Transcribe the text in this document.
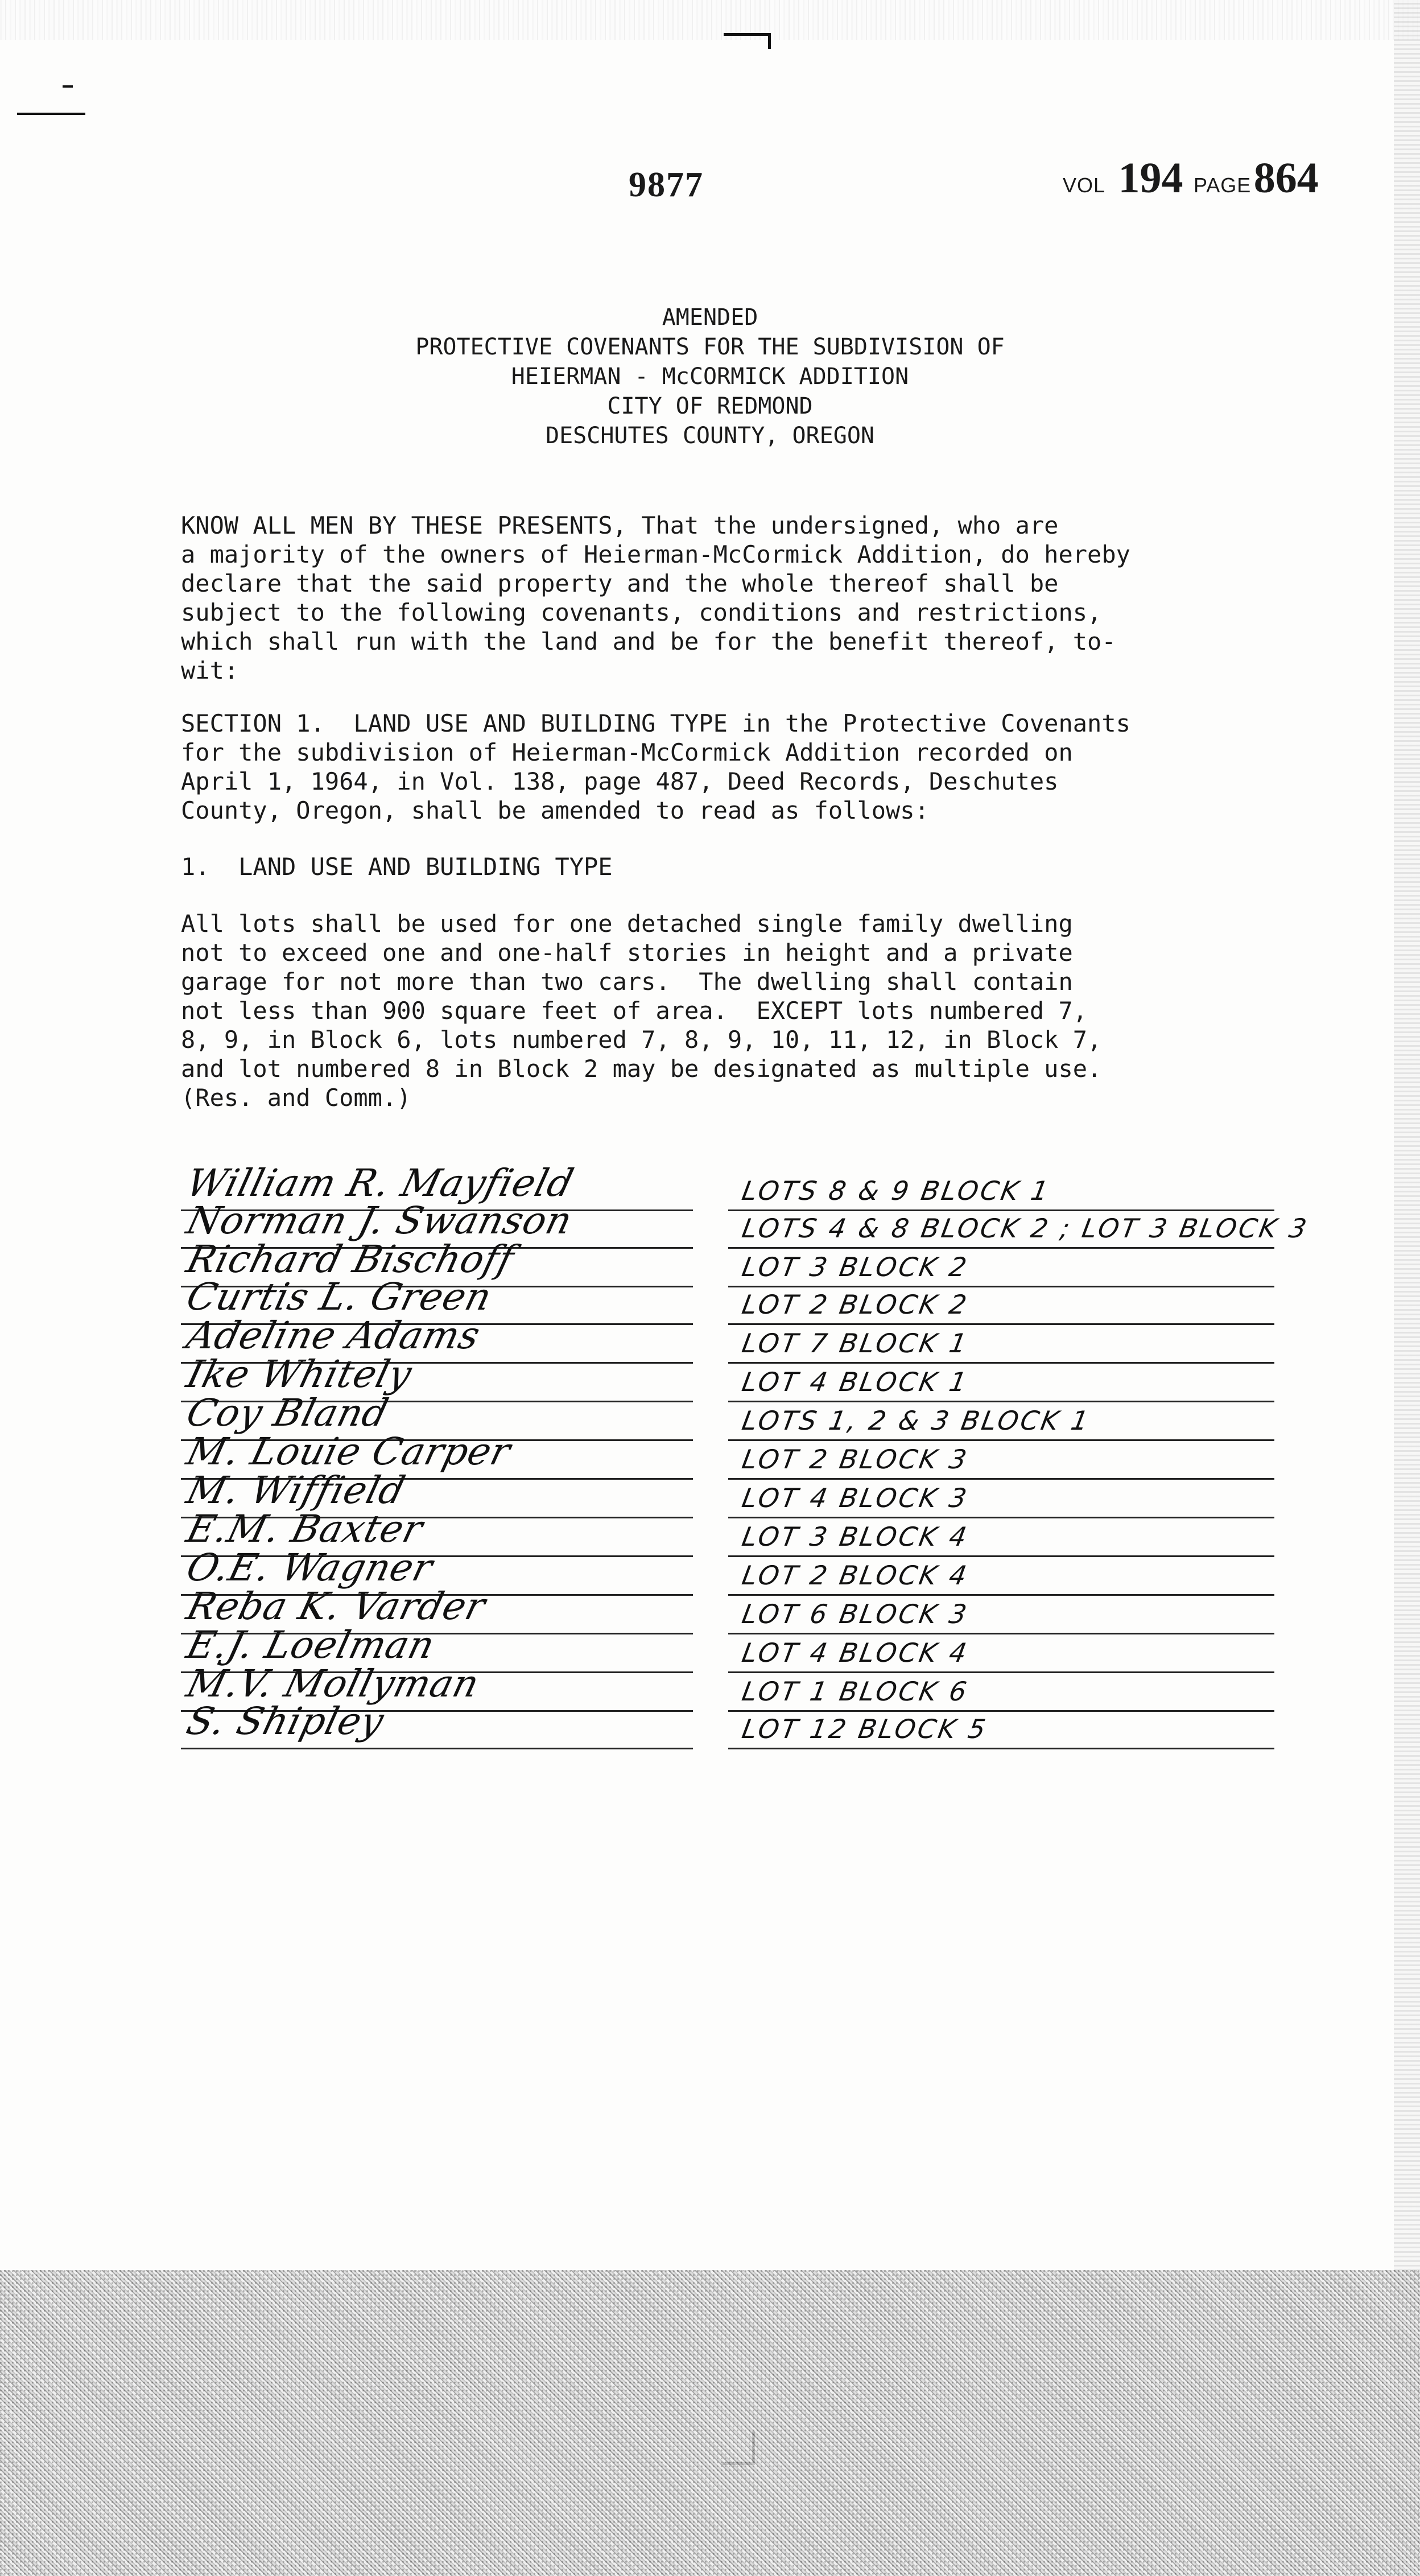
9877	VOL 194 PAGE 864
AMENDED
PROTECTIVE COVENANTS FOR THE SUBDIVISION OF
HEIERMAN - McCORMICK ADDITION
CITY OF REDMOND
DESCHUTES COUNTY, OREGON
KNOW ALL MEN BY THESE PRESENTS, That the undersigned, who are
a majority of the owners of Heierman-McCormick Addition, do hereby
declare that the said property and the whole thereof shall be
subject to the following covenants, conditions and restrictions,
which shall run with the land and be for the benefit thereof, to-
wit:
SECTION 1.  LAND USE AND BUILDING TYPE in the Protective Covenants
for the subdivision of Heierman-McCormick Addition recorded on
April 1, 1964, in Vol. 138, page 487, Deed Records, Deschutes
County, Oregon, shall be amended to read as follows:
1.  LAND USE AND BUILDING TYPE
All lots shall be used for one detached single family dwelling
not to exceed one and one-half stories in height and a private
garage for not more than two cars.  The dwelling shall contain
not less than 900 square feet of area.  EXCEPT lots numbered 7,
8, 9, in Block 6, lots numbered 7, 8, 9, 10, 11, 12, in Block 7,
and lot numbered 8 in Block 2 may be designated as multiple use.
(Res. and Comm.)
William R. Mayfield	LOTS 8 & 9 BLOCK 1
Norman J. Swanson	LOTS 4 & 8 BLOCK 2 ; LOT 3 BLOCK 3
Richard Bischoff	LOT 3 BLOCK 2
Curtis L. Green	LOT 2 BLOCK 2
Adeline Adams	LOT 7 BLOCK 1
Ike Whitely	LOT 4 BLOCK 1
Coy Bland	LOTS 1, 2 & 3 BLOCK 1
M. Louie Carper	LOT 2 BLOCK 3
M. Wiffield	LOT 4 BLOCK 3
E.M. Baxter	LOT 3 BLOCK 4
O.E. Wagner	LOT 2 BLOCK 4
Reba K. Varder	LOT 6 BLOCK 3
E.J. Loelman	LOT 4 BLOCK 4
M.V. Mollyman	LOT 1 BLOCK 6
S. Shipley	LOT 12 BLOCK 5
